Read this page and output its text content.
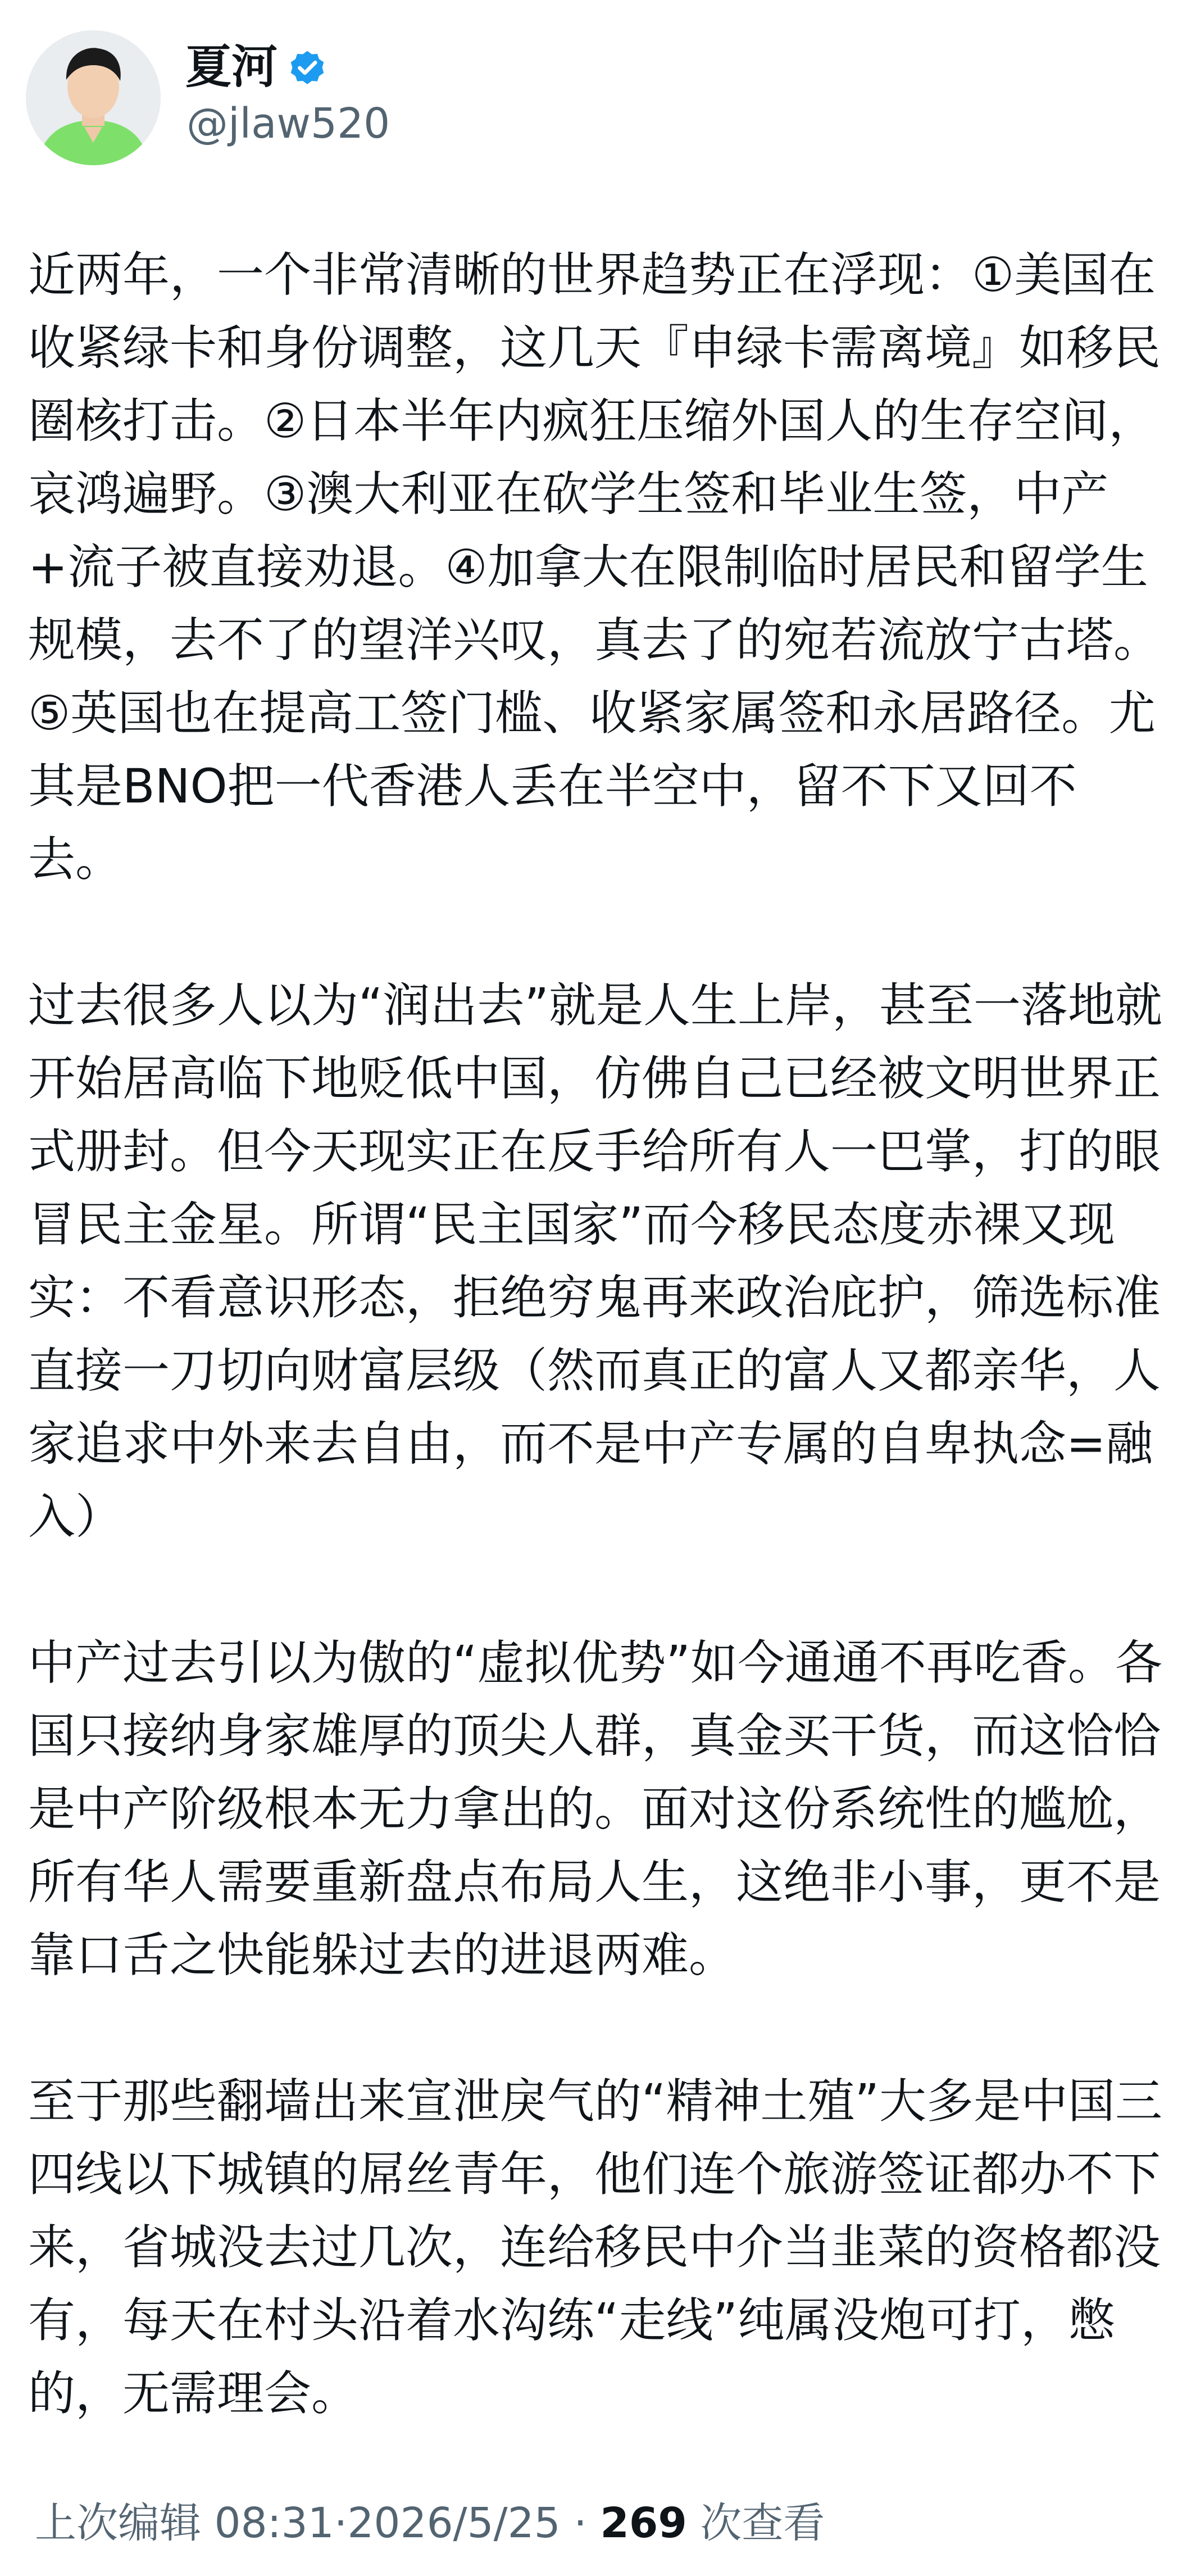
夏河
@jlaw520

近两年，一个非常清晰的世界趋势正在浮现：①美国在收紧绿卡和身份调整，这几天『申绿卡需离境』如移民圈核打击。②日本半年内疯狂压缩外国人的生存空间，哀鸿遍野。③澳大利亚在砍学生签和毕业生签，中产+流子被直接劝退。④加拿大在限制临时居民和留学生规模，去不了的望洋兴叹，真去了的宛若流放宁古塔。⑤英国也在提高工签门槛、收紧家属签和永居路径。尤其是BNO把一代香港人丢在半空中，留不下又回不去。

过去很多人以为“润出去”就是人生上岸，甚至一落地就开始居高临下地贬低中国，仿佛自己已经被文明世界正式册封。但今天现实正在反手给所有人一巴掌，打的眼冒民主金星。所谓“民主国家”而今移民态度赤裸又现实：不看意识形态，拒绝穷鬼再来政治庇护，筛选标准直接一刀切向财富层级（然而真正的富人又都亲华，人家追求中外来去自由，而不是中产专属的自卑执念=融入）

中产过去引以为傲的“虚拟优势”如今通通不再吃香。各国只接纳身家雄厚的顶尖人群，真金买干货，而这恰恰是中产阶级根本无力拿出的。面对这份系统性的尴尬，所有华人需要重新盘点布局人生，这绝非小事，更不是靠口舌之快能躲过去的进退两难。

至于那些翻墙出来宣泄戾气的“精神土殖”大多是中国三四线以下城镇的屌丝青年，他们连个旅游签证都办不下来，省城没去过几次，连给移民中介当韭菜的资格都没有，每天在村头沿着水沟练“走线”纯属没炮可打，憋的，无需理会。

上次编辑 08:31·2026/5/25 · 269 次查看
